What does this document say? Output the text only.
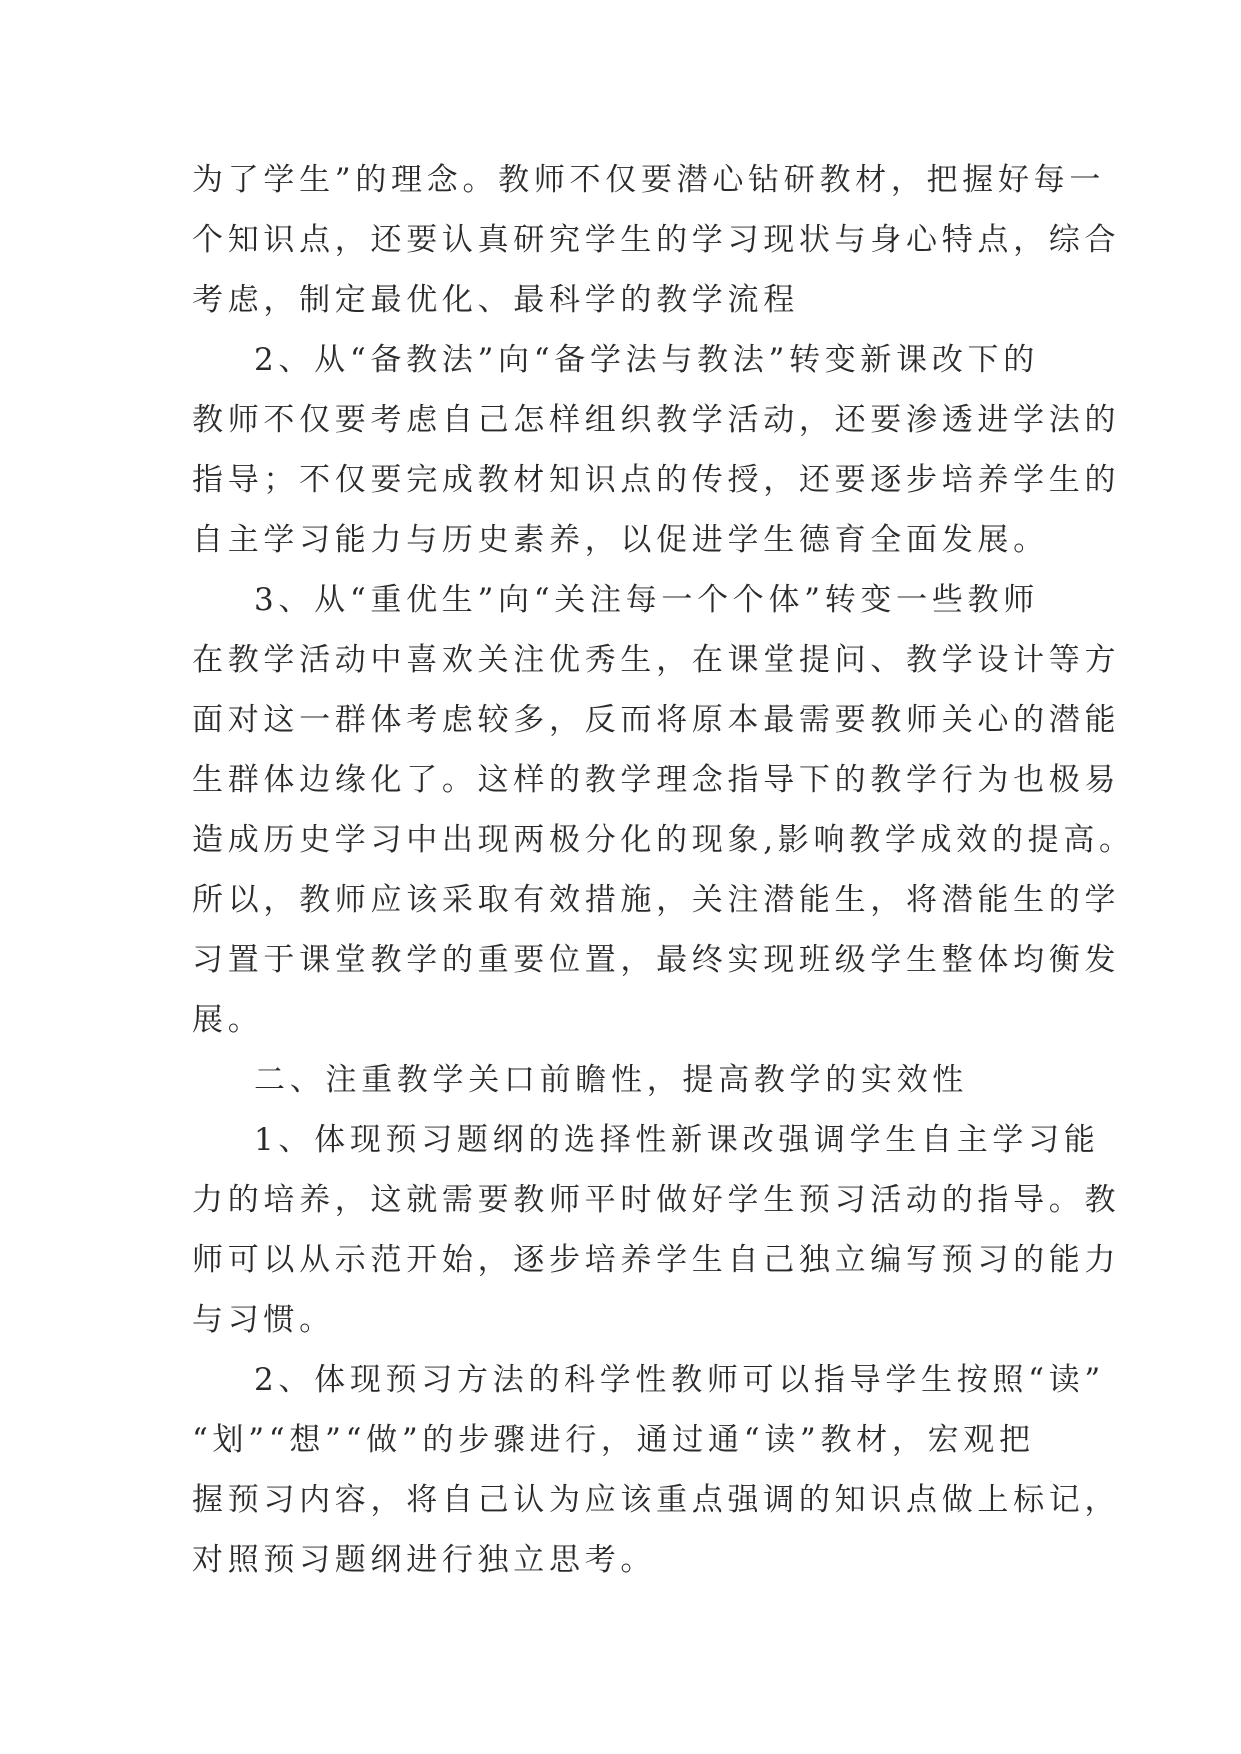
为了学生”的理念。教师不仅要潜心钻研教材，把握好每一
个知识点，还要认真研究学生的学习现状与身心特点，综合
考虑，制定最优化、最科学的教学流程
2、从“备教法”向“备学法与教法”转变新课改下的
教师不仅要考虑自己怎样组织教学活动，还要渗透进学法的
指导；不仅要完成教材知识点的传授，还要逐步培养学生的
自主学习能力与历史素养，以促进学生德育全面发展。
3、从“重优生”向“关注每一个个体”转变一些教师
在教学活动中喜欢关注优秀生，在课堂提问、教学设计等方
面对这一群体考虑较多，反而将原本最需要教师关心的潜能
生群体边缘化了。这样的教学理念指导下的教学行为也极易
造成历史学习中出现两极分化的现象,影响教学成效的提高。
所以，教师应该采取有效措施，关注潜能生，将潜能生的学
习置于课堂教学的重要位置，最终实现班级学生整体均衡发
展。
二、注重教学关口前瞻性，提高教学的实效性
1、体现预习题纲的选择性新课改强调学生自主学习能
力的培养，这就需要教师平时做好学生预习活动的指导。教
师可以从示范开始，逐步培养学生自己独立编写预习的能力
与习惯。
2、体现预习方法的科学性教师可以指导学生按照“读”
“划”“想”“做”的步骤进行，通过通“读”教材，宏观把
握预习内容，将自己认为应该重点强调的知识点做上标记，
对照预习题纲进行独立思考。
